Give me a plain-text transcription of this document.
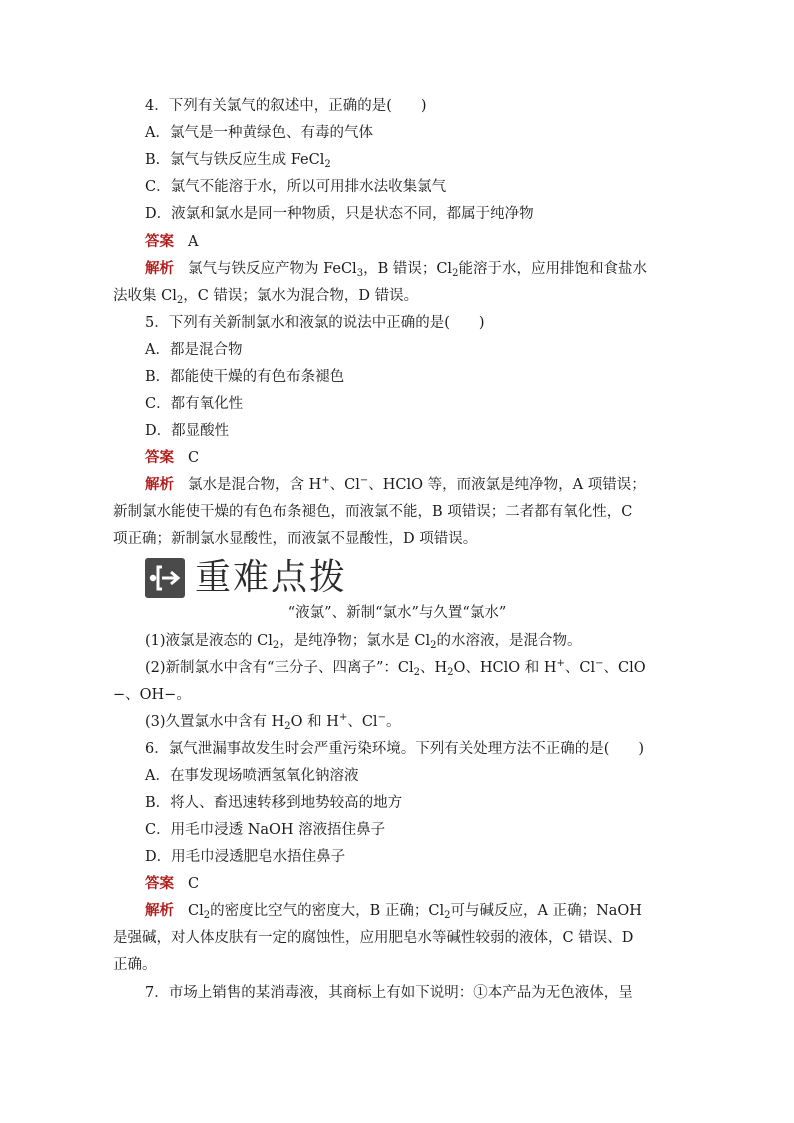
4．下列有关氯气的叙述中，正确的是(　　)
A．氯气是一种黄绿色、有毒的气体
B．氯气与铁反应生成 FeCl$_2$
C．氯气不能溶于水，所以可用排水法收集氯气
D．液氯和氯水是同一种物质，只是状态不同，都属于纯净物
答案 A
解析 氯气与铁反应产物为 FeCl$_3$，B 错误；$Cl_2$能溶于水，应用排饱和食盐水
法收集 $Cl_2$，C 错误；氯水为混合物，D 错误。
5．下列有关新制氯水和液氯的说法中正确的是(　　)
A．都是混合物
B．都能使干燥的有色布条褪色
C．都有氧化性
D．都显酸性
答案 C
解析 氯水是混合物，含 H+、Cl−、HClO 等，而液氯是纯净物，A 项错误；
新制氯水能使干燥的有色布条褪色，而液氯不能，B 项错误；二者都有氧化性，C
项正确；新制氯水显酸性，而液氯不显酸性，D 项错误。
重难点拨
“液氯”、新制“氯水”与久置“氯水”
(1)液氯是液态的 $Cl_2$，是纯净物；氯水是 $Cl_2$的水溶液，是混合物。
(2)新制氯水中含有“三分子、四离子”：$Cl_2$、$H_2O$、HClO 和 H+、Cl−、ClO
−、OH−。
(3)久置氯水中含有 $H_2O$ 和 H+、Cl−。
6．氯气泄漏事故发生时会严重污染环境。下列有关处理方法不正确的是(　　)
A．在事发现场喷洒氢氧化钠溶液
B．将人、畜迅速转移到地势较高的地方
C．用毛巾浸透 NaOH 溶液捂住鼻子
D．用毛巾浸透肥皂水捂住鼻子
答案 C
解析 $Cl_2$的密度比空气的密度大，B 正确；$Cl_2$可与碱反应，A 正确；NaOH
是强碱，对人体皮肤有一定的腐蚀性，应用肥皂水等碱性较弱的液体，C 错误、D
正确。
7．市场上销售的某消毒液，其商标上有如下说明：①本产品为无色液体，呈
